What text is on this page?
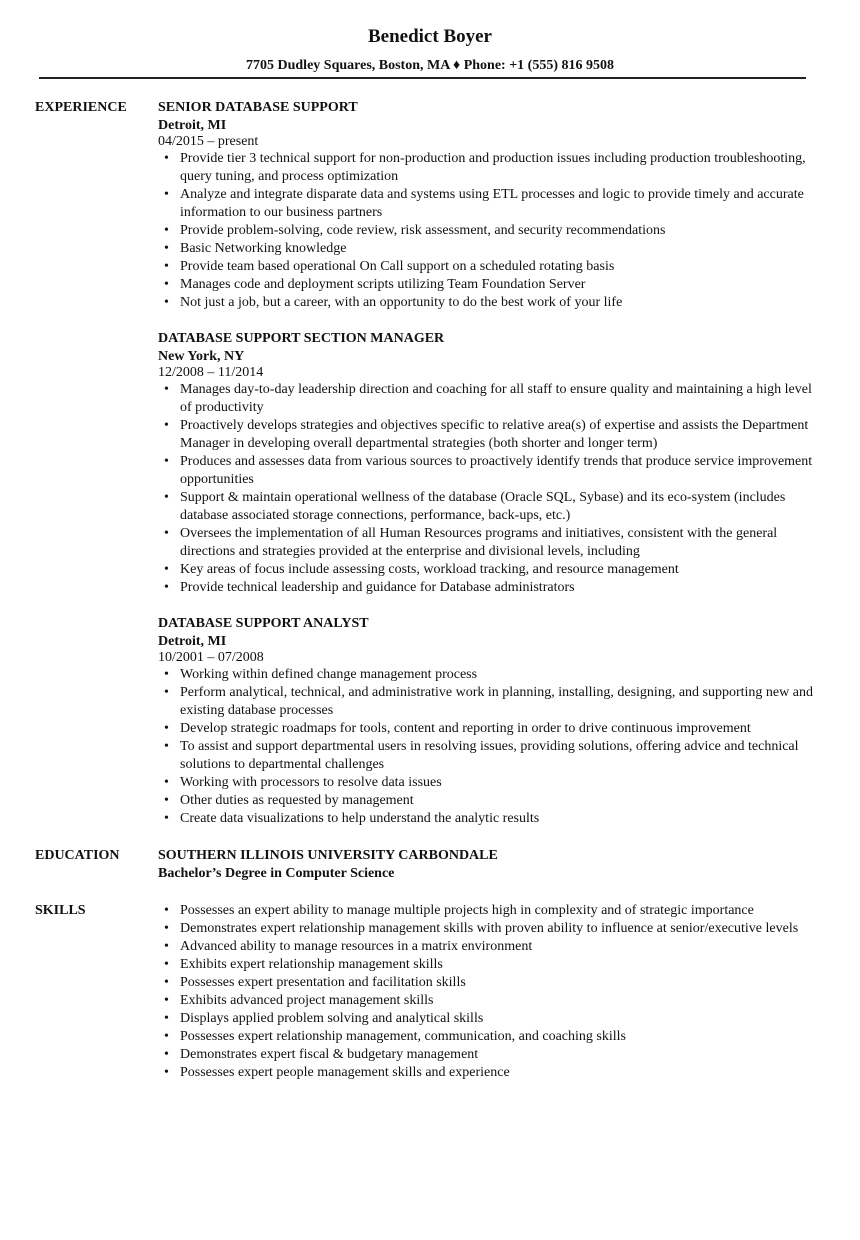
Benedict Boyer
7705 Dudley Squares, Boston, MA ♦ Phone: +1 (555) 816 9508
EXPERIENCE	SENIOR DATABASE SUPPORT
Detroit, MI
04/2015 – present
• Provide tier 3 technical support for non-production and production issues including production troubleshooting, query tuning, and process optimization
• Analyze and integrate disparate data and systems using ETL processes and logic to provide timely and accurate information to our business partners
• Provide problem-solving, code review, risk assessment, and security recommendations
• Basic Networking knowledge
• Provide team based operational On Call support on a scheduled rotating basis
• Manages code and deployment scripts utilizing Team Foundation Server
• Not just a job, but a career, with an opportunity to do the best work of your life
DATABASE SUPPORT SECTION MANAGER
New York, NY
12/2008 – 11/2014
• Manages day-to-day leadership direction and coaching for all staff to ensure quality and maintaining a high level of productivity
• Proactively develops strategies and objectives specific to relative area(s) of expertise and assists the Department Manager in developing overall departmental strategies (both shorter and longer term)
• Produces and assesses data from various sources to proactively identify trends that produce service improvement opportunities
• Support & maintain operational wellness of the database (Oracle SQL, Sybase) and its eco-system (includes database associated storage connections, performance, back-ups, etc.)
• Oversees the implementation of all Human Resources programs and initiatives, consistent with the general directions and strategies provided at the enterprise and divisional levels, including
• Key areas of focus include assessing costs, workload tracking, and resource management
• Provide technical leadership and guidance for Database administrators
DATABASE SUPPORT ANALYST
Detroit, MI
10/2001 – 07/2008
• Working within defined change management process
• Perform analytical, technical, and administrative work in planning, installing, designing, and supporting new and existing database processes
• Develop strategic roadmaps for tools, content and reporting in order to drive continuous improvement
• To assist and support departmental users in resolving issues, providing solutions, offering advice and technical solutions to departmental challenges
• Working with processors to resolve data issues
• Other duties as requested by management
• Create data visualizations to help understand the analytic results
EDUCATION	SOUTHERN ILLINOIS UNIVERSITY CARBONDALE
Bachelor’s Degree in Computer Science
SKILLS
•	Possesses an expert ability to manage multiple projects high in complexity and of strategic importance
• Demonstrates expert relationship management skills with proven ability to influence at senior/executive levels
• Advanced ability to manage resources in a matrix environment
• Exhibits expert relationship management skills
• Possesses expert presentation and facilitation skills
• Exhibits advanced project management skills
• Displays applied problem solving and analytical skills
• Possesses expert relationship management, communication, and coaching skills
• Demonstrates expert fiscal & budgetary management
• Possesses expert people management skills and experience
